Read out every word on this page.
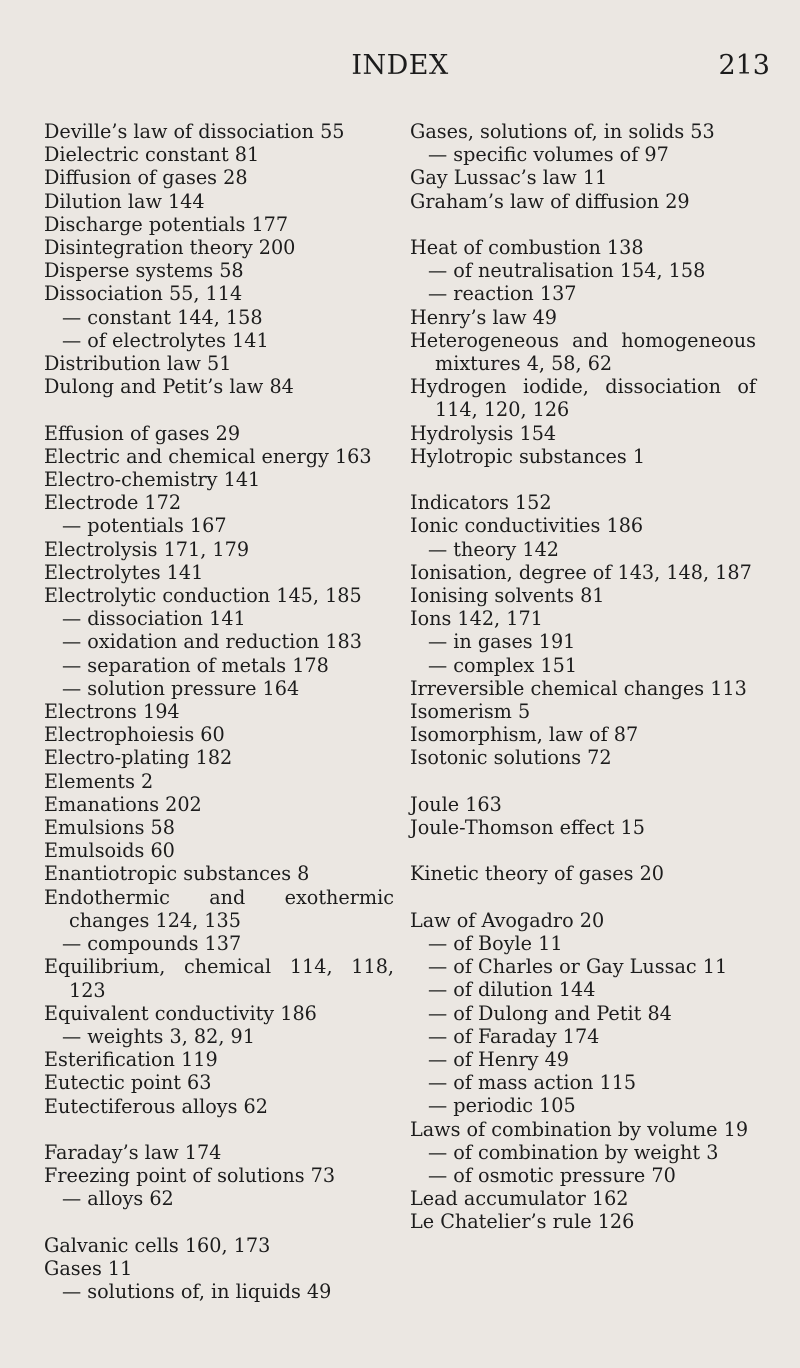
INDEX	213
Deville’s law of dissociation 55
Dielectric constant 81
Diffusion of gases 28
Dilution law 144
Discharge potentials 177
Disintegration theory 200
Disperse systems 58
Dissociation 55, 114
— constant 144, 158
— of electrolytes 141
Distribution law 51
Dulong and Petit’s law 84
Effusion of gases 29
Electric and chemical energy 163
Electro-chemistry 141
Electrode 172
— potentials 167
Electrolysis 171, 179
Electrolytes 141
Electrolytic conduction 145, 185
— dissociation 141
— oxidation and reduction 183
— separation of metals 178
— solution pressure 164
Electrons 194
Electrophoiesis 60
Electro-plating 182
Elements 2
Emanations 202
Emulsions 58
Emulsoids 60
Enantiotropic substances 8
Endothermic and exothermic changes 124, 135
— compounds 137
Equilibrium, chemical 114, 118, 123
Equivalent conductivity 186
— weights 3, 82, 91
Esterification 119
Eutectic point 63
Eutectiferous alloys 62
Faraday’s law 174
Freezing point of solutions 73
— alloys 62
Galvanic cells 160, 173
Gases 11
— solutions of, in liquids 49
Gases, solutions of, in solids 53
— specific volumes of 97
Gay Lussac’s law 11
Graham’s law of diffusion 29
Heat of combustion 138
— of neutralisation 154, 158
— reaction 137
Henry’s law 49
Heterogeneous and homogeneous mixtures 4, 58, 62
Hydrogen iodide, dissociation of 114, 120, 126
Hydrolysis 154
Hylotropic substances 1
Indicators 152
Ionic conductivities 186
— theory 142
Ionisation, degree of 143, 148, 187
Ionising solvents 81
Ions 142, 171
— in gases 191
— complex 151
Irreversible chemical changes 113
Isomerism 5
Isomorphism, law of 87
Isotonic solutions 72
Joule 163
Joule-Thomson effect 15
Kinetic theory of gases 20
Law of Avogadro 20
— of Boyle 11
— of Charles or Gay Lussac 11
— of dilution 144
— of Dulong and Petit 84
— of Faraday 174
— of Henry 49
— of mass action 115
— periodic 105
Laws of combination by volume 19
— of combination by weight 3
— of osmotic pressure 70
Lead accumulator 162
Le Chatelier’s rule 126
